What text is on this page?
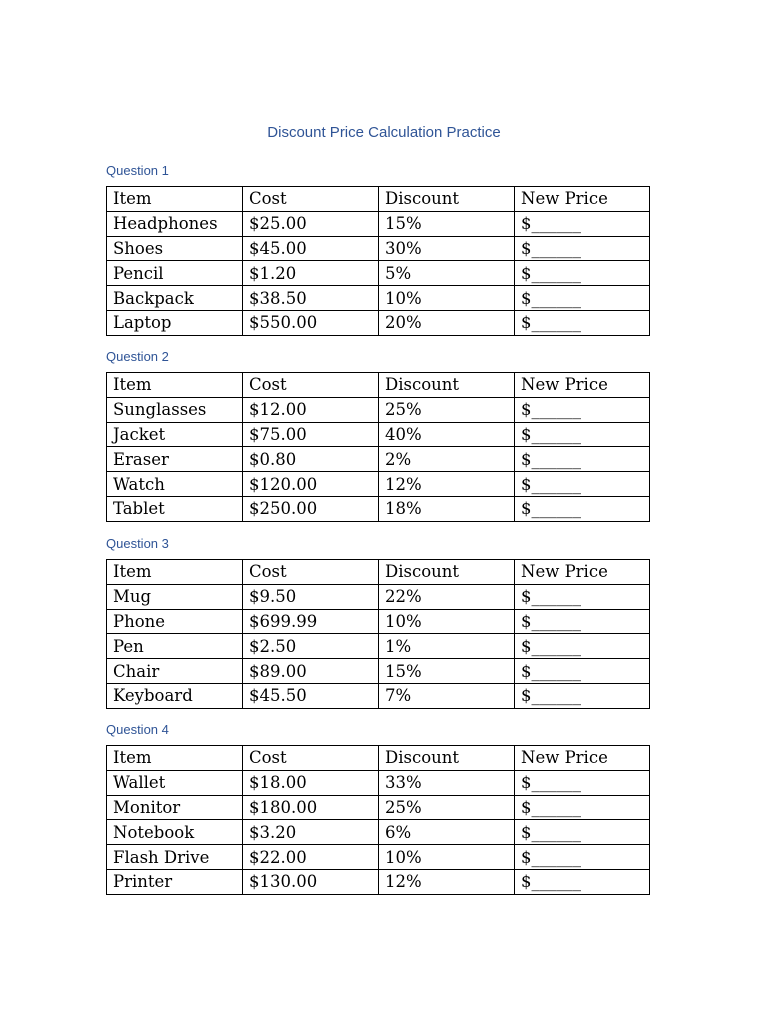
Discount Price Calculation Practice
Question 1
Item	Cost	Discount	New Price
Headphones	$25.00	15%	$______
Shoes	$45.00	30%	$______
Pencil	$1.20	5%	$______
Backpack	$38.50	10%	$______
Laptop	$550.00	20%	$______
Question 2
Item	Cost	Discount	New Price
Sunglasses	$12.00	25%	$______
Jacket	$75.00	40%	$______
Eraser	$0.80	2%	$______
Watch	$120.00	12%	$______
Tablet	$250.00	18%	$______
Question 3
Item	Cost	Discount	New Price
Mug	$9.50	22%	$______
Phone	$699.99	10%	$______
Pen	$2.50	1%	$______
Chair	$89.00	15%	$______
Keyboard	$45.50	7%	$______
Question 4
Item	Cost	Discount	New Price
Wallet	$18.00	33%	$______
Monitor	$180.00	25%	$______
Notebook	$3.20	6%	$______
Flash Drive	$22.00	10%	$______
Printer	$130.00	12%	$______
